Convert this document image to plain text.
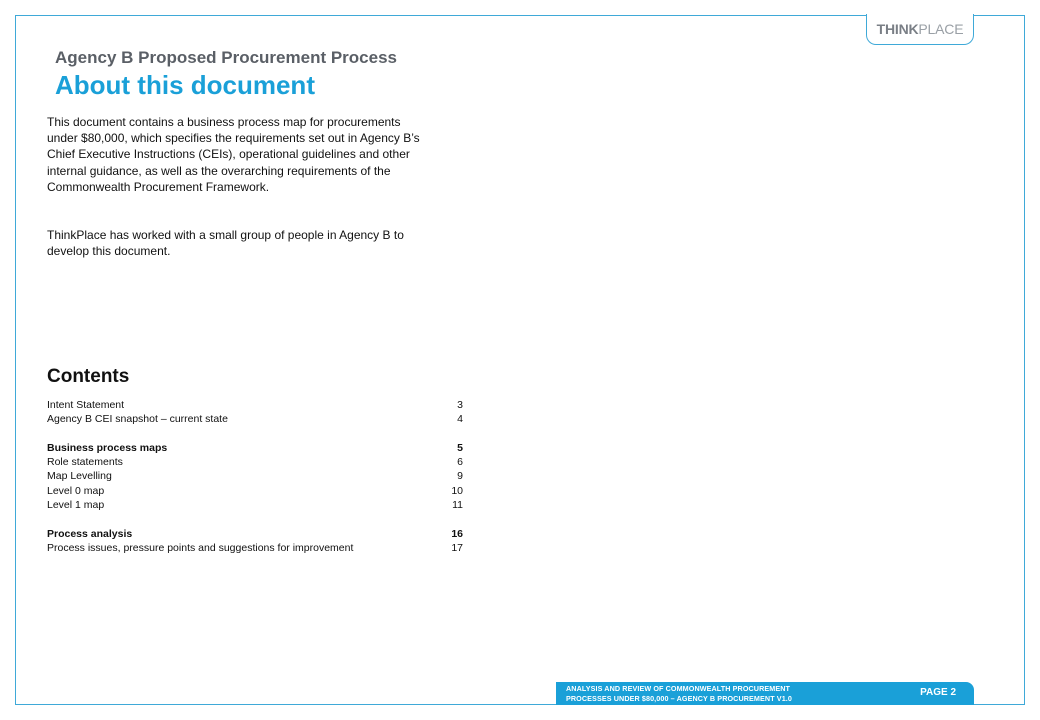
THINK PLACE
Agency B Proposed Procurement Process
About this document

This document contains a business process map for procurements under $80,000, which specifies the requirements set out in Agency B’s Chief Executive Instructions (CEIs), operational guidelines and other internal guidance, as well as the overarching requirements of the Commonwealth Procurement Framework.

ThinkPlace has worked with a small group of people in Agency B to develop this document.

Contents
Intent Statement	3
Agency B CEI snapshot – current state	4
Business process maps	5
Role statements	6
Map Levelling	9
Level 0 map	10
Level 1 map	11
Process analysis	16
Process issues, pressure points and suggestions for improvement	17
ANALYSIS AND REVIEW OF COMMONWEALTH PROCUREMENT
PROCESSES UNDER $80,000 – AGENCY B PROCUREMENT V1.0
PAGE 2
